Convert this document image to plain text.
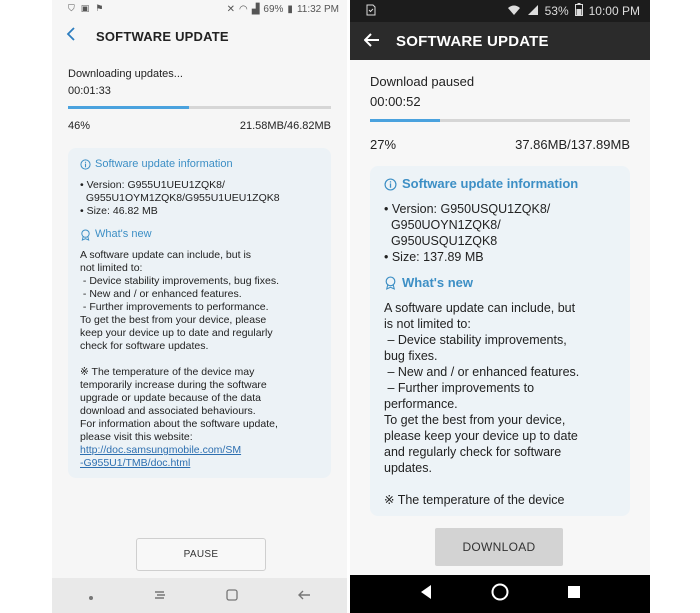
⛉ ▣ ⚑	✕ ◠ ▟ 69% ▮ 11:32 PM
SOFTWARE UPDATE
Downloading updates...
00:01:33
46%	21.58MB/46.82MB
Software update information
• Version: G955U1UEU1ZQK8/
G955U1OYM1ZQK8/G955U1UEU1ZQK8
• Size: 46.82 MB
What's new
A software update can include, but is
not limited to:
- Device stability improvements, bug fixes.
- New and / or enhanced features.
- Further improvements to performance.
To get the best from your device, please
keep your device up to date and regularly
check for software updates.
※ The temperature of the device may
temporarily increase during the software
upgrade or update because of the data
download and associated behaviours.
For information about the software update,
please visit this website:
http://doc.samsungmobile.com/SM
-G955U1/TMB/doc.html
PAUSE
53% 10:00 PM
SOFTWARE UPDATE
Download paused
00:00:52
27%	37.86MB/137.89MB
Software update information
• Version: G950USQU1ZQK8/
G950UOYN1ZQK8/
G950USQU1ZQK8
• Size: 137.89 MB
What's new
A software update can include, but
is not limited to:
– Device stability improvements,
bug fixes.
– New and / or enhanced features.
– Further improvements to
performance.
To get the best from your device,
please keep your device up to date
and regularly check for software
updates.
※ The temperature of the device
DOWNLOAD
